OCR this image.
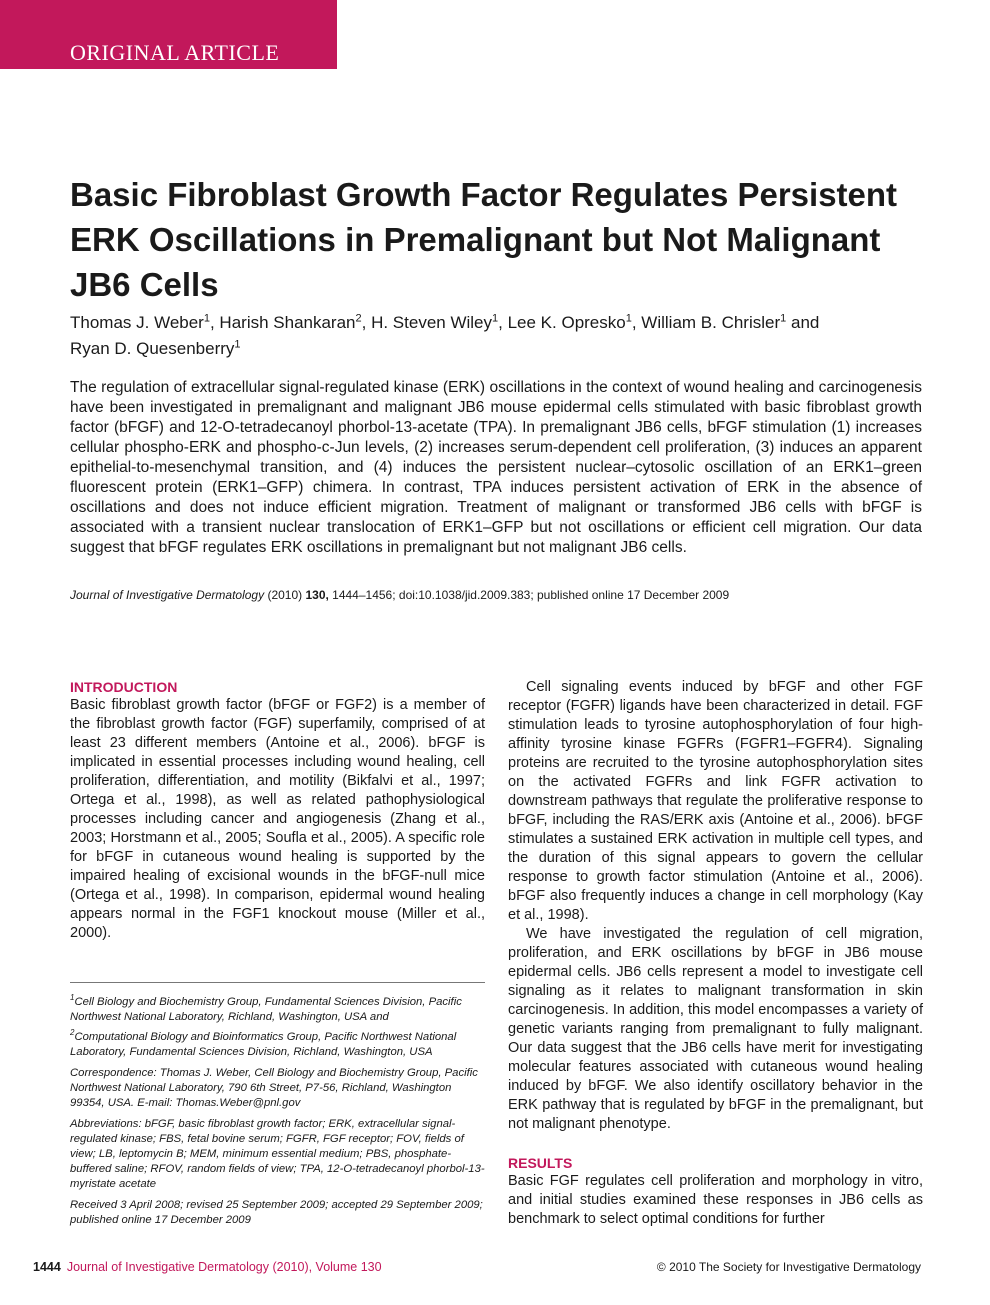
ORIGINAL ARTICLE
Basic Fibroblast Growth Factor Regulates Persistent ERK Oscillations in Premalignant but Not Malignant JB6 Cells
Thomas J. Weber$^1$, Harish Shankaran$^2$, H. Steven Wiley$^1$, Lee K. Opresko$^1$, William B. Chrisler$^1$ and
Ryan D. Quesenberry$^1$

The regulation of extracellular signal-regulated kinase (ERK) oscillations in the context of wound healing and carcinogenesis have been investigated in premalignant and malignant JB6 mouse epidermal cells stimulated with basic fibroblast growth factor (bFGF) and 12-O-tetradecanoyl phorbol-13-acetate (TPA). In premalignant JB6 cells, bFGF stimulation (1) increases cellular phospho-ERK and phospho-c-Jun levels, (2) increases serum-dependent cell proliferation, (3) induces an apparent epithelial-to-mesenchymal transition, and (4) induces the persistent nuclear–cytosolic oscillation of an ERK1–green fluorescent protein (ERK1–GFP) chimera. In contrast, TPA induces persistent activation of ERK in the absence of oscillations and does not induce efficient migration. Treatment of malignant or transformed JB6 cells with bFGF is associated with a transient nuclear translocation of ERK1–GFP but not oscillations or efficient cell migration. Our data suggest that bFGF regulates ERK oscillations in premalignant but not malignant JB6 cells.

Journal of Investigative Dermatology (2010) 130, 1444–1456; doi:10.1038/jid.2009.383; published online 17 December 2009

INTRODUCTION

Basic fibroblast growth factor (bFGF or FGF2) is a member of the fibroblast growth factor (FGF) superfamily, comprised of at least 23 different members (Antoine et al., 2006). bFGF is implicated in essential processes including wound healing, cell proliferation, differentiation, and motility (Bikfalvi et al., 1997; Ortega et al., 1998), as well as related pathophysiological processes including cancer and angiogenesis (Zhang et al., 2003; Horstmann et al., 2005; Soufla et al., 2005). A specific role for bFGF in cutaneous wound healing is supported by the impaired healing of excisional wounds in the bFGF-null mice (Ortega et al., 1998). In comparison, epidermal wound healing appears normal in the FGF1 knockout mouse (Miller et al., 2000).

$^1$Cell Biology and Biochemistry Group, Fundamental Sciences Division, Pacific Northwest National Laboratory, Richland, Washington, USA and
$^2$Computational Biology and Bioinformatics Group, Pacific Northwest National Laboratory, Fundamental Sciences Division, Richland, Washington, USA

Correspondence: Thomas J. Weber, Cell Biology and Biochemistry Group, Pacific Northwest National Laboratory, 790 6th Street, P7-56, Richland, Washington 99354, USA. E-mail: Thomas.Weber@pnl.gov

Abbreviations: bFGF, basic fibroblast growth factor; ERK, extracellular signal-regulated kinase; FBS, fetal bovine serum; FGFR, FGF receptor; FOV, fields of view; LB, leptomycin B; MEM, minimum essential medium; PBS, phosphate-buffered saline; RFOV, random fields of view; TPA, 12-O-tetradecanoyl phorbol-13-myristate acetate

Received 3 April 2008; revised 25 September 2009; accepted 29 September 2009; published online 17 December 2009

Cell signaling events induced by bFGF and other FGF receptor (FGFR) ligands have been characterized in detail. FGF stimulation leads to tyrosine autophosphorylation of four high-affinity tyrosine kinase FGFRs (FGFR1–FGFR4). Signaling proteins are recruited to the tyrosine autophosphorylation sites on the activated FGFRs and link FGFR activation to downstream pathways that regulate the proliferative response to bFGF, including the RAS/ERK axis (Antoine et al., 2006). bFGF stimulates a sustained ERK activation in multiple cell types, and the duration of this signal appears to govern the cellular response to growth factor stimulation (Antoine et al., 2006). bFGF also frequently induces a change in cell morphology (Kay et al., 1998).

We have investigated the regulation of cell migration, proliferation, and ERK oscillations by bFGF in JB6 mouse epidermal cells. JB6 cells represent a model to investigate cell signaling as it relates to malignant transformation in skin carcinogenesis. In addition, this model encompasses a variety of genetic variants ranging from premalignant to fully malignant. Our data suggest that the JB6 cells have merit for investigating molecular features associated with cutaneous wound healing induced by bFGF. We also identify oscillatory behavior in the ERK pathway that is regulated by bFGF in the premalignant, but not malignant phenotype.

RESULTS

Basic FGF regulates cell proliferation and morphology in vitro, and initial studies examined these responses in JB6 cells as benchmark to select optimal conditions for further

1444 Journal of Investigative Dermatology (2010), Volume 130	© 2010 The Society for Investigative Dermatology
